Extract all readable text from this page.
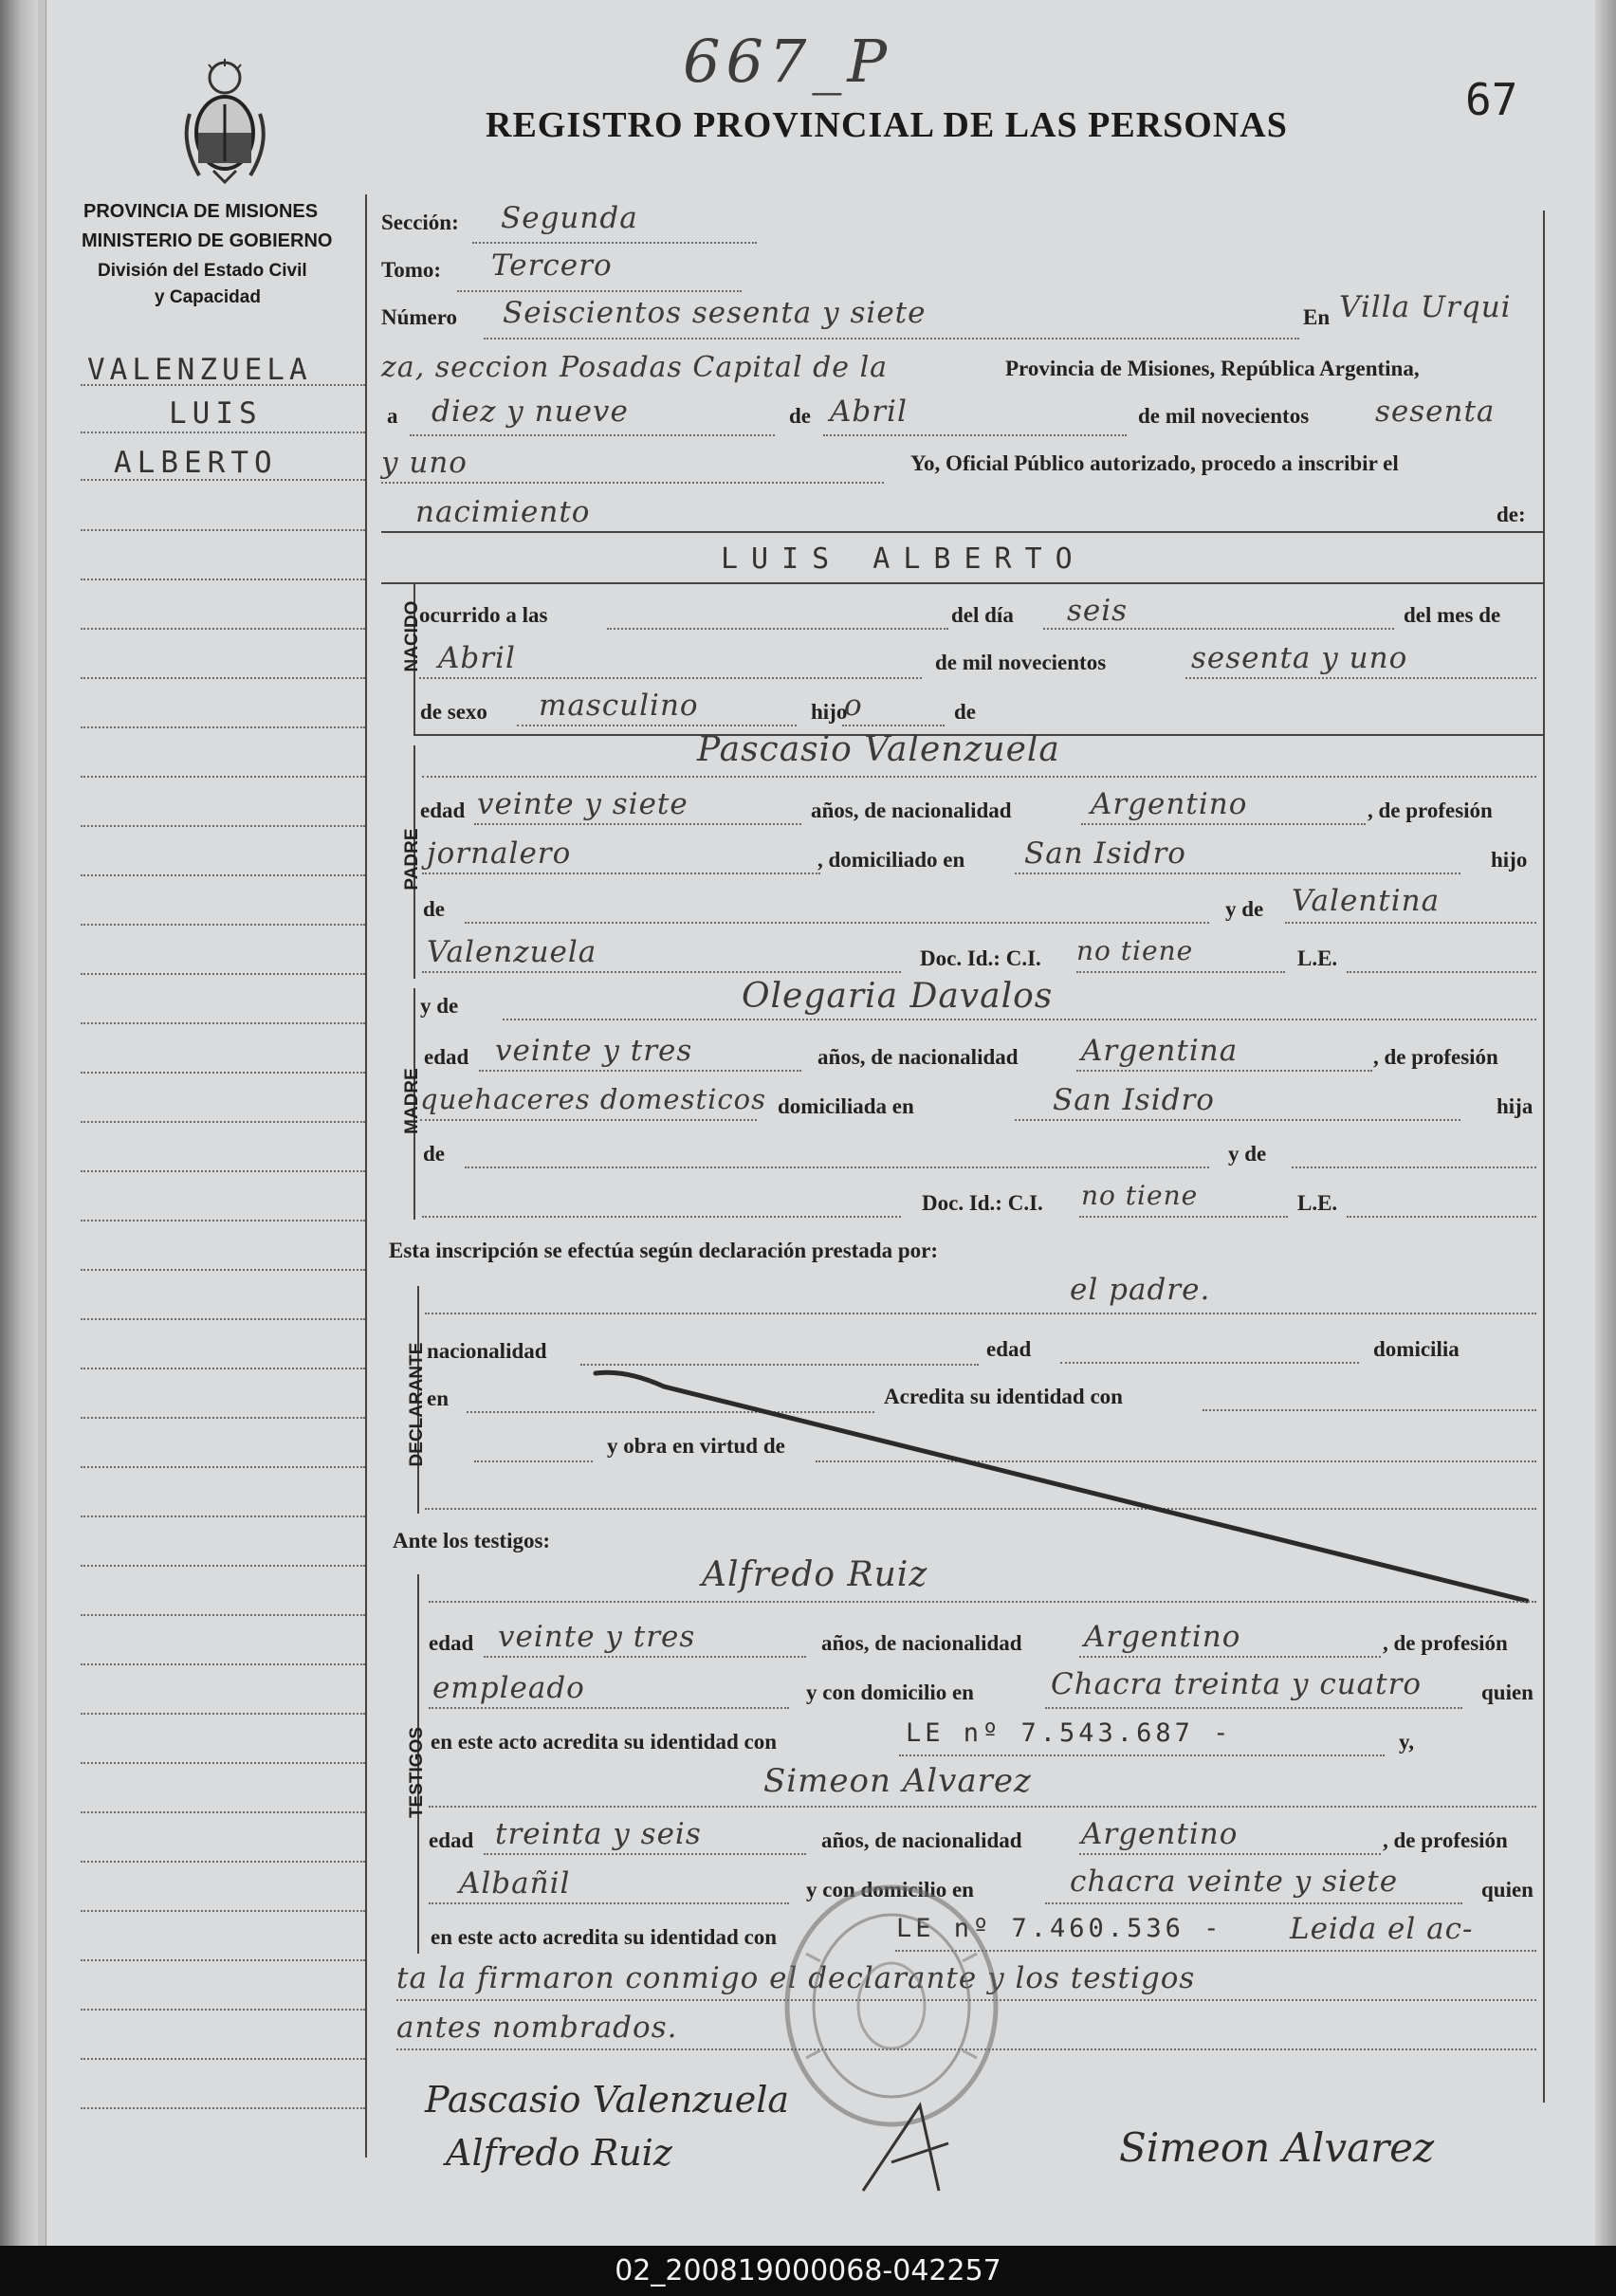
667_P
67
REGISTRO PROVINCIAL DE LAS PERSONAS
PROVINCIA DE MISIONES
MINISTERIO DE GOBIERNO
División del Estado Civil
y Capacidad
VALENZUELA
LUIS
ALBERTO
Sección: Segunda
Tomo: Tercero
Número Seiscientos sesenta y siete	En Villa Urqui
za, seccion Posadas Capital de la	Provincia de Misiones, República Argentina,
a diez y nueve	de Abril	de mil novecientos sesenta
y uno	Yo, Oficial Público autorizado, procedo a inscribir el
nacimiento	de:
LUIS ALBERTO
NACIDO
ocurrido a las	del día seis	del mes de
Abril	de mil novecientos	sesenta y uno
de sexo masculino	hijo
o	de
PADRE
Pascasio Valenzuela
edad veinte y siete	años, de nacionalidad	Argentino	, de profesión
jornalero	, domiciliado en San Isidro	hijo
de	y de Valentina
Valenzuela	Doc. Id.: C.I. no tiene	L.E.
MADRE
y de	Olegaria Davalos
edad veinte y tres	años, de nacionalidad Argentina	, de profesión
quehaceres domesticos domiciliada en	San Isidro	hija
de	y de
Doc. Id.: C.I. no tiene	L.E.
Esta inscripción se efectúa según declaración prestada por:
DECLARANTE
el padre.
nacionalidad	edad	domicilia
en	Acredita su identidad con
y obra en virtud de
Ante los testigos:
TESTIGOS
Alfredo Ruiz
edad veinte y tres	años, de nacionalidad Argentino	, de profesión
empleado	y con domicilio en	Chacra treinta y cuatro	quien
en este acto acredita su identidad con	LE nº 7.543.687 -	y,
Simeon Alvarez
edad treinta y seis	años, de nacionalidad Argentino	, de profesión
Albañil	y con domicilio en	chacra veinte y siete	quien
en este acto acredita su identidad con	LE nº 7.460.536 - Leida el ac-
ta la firmaron conmigo el declarante y los testigos
antes nombrados.
Pascasio Valenzuela
Alfredo Ruiz	Simeon Alvarez
02_200819000068-042257
